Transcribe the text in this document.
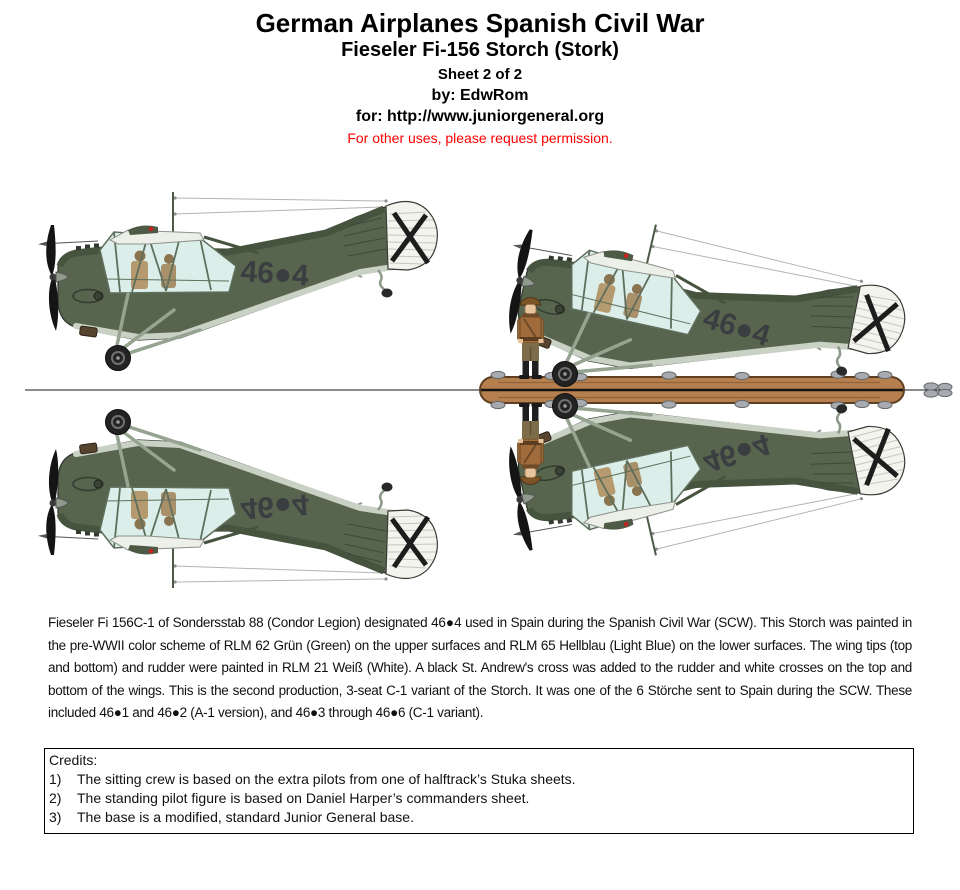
German Airplanes Spanish Civil War
Fieseler Fi-156 Storch (Stork)
Sheet 2 of 2
by: EdwRom
for: http://www.juniorgeneral.org
For other uses, please request permission.
46●4
Fieseler Fi 156C-1 of Sondersstab 88 (Condor Legion) designated 46●4 used in Spain during the Spanish Civil War (SCW). This Storch was painted in the pre-WWII color scheme of RLM 62 Grün (Green) on the upper surfaces and RLM 65 Hellblau (Light Blue) on the lower surfaces. The wing tips (top and bottom) and rudder were painted in RLM 21 Weiß (White). A black St. Andrew's cross was added to the rudder and white crosses on the top and bottom of the wings. This is the second production, 3-seat C-1 variant of the Storch. It was one of the 6 Störche sent to Spain during the SCW. These included 46●1 and 46●2 (A-1 version), and 46●3 through 46●6 (C-1 variant).
Credits:
1)	The sitting crew is based on the extra pilots from one of halftrack’s Stuka sheets.
2)	The standing pilot figure is based on Daniel Harper’s commanders sheet.
3)	The base is a modified, standard Junior General base.
